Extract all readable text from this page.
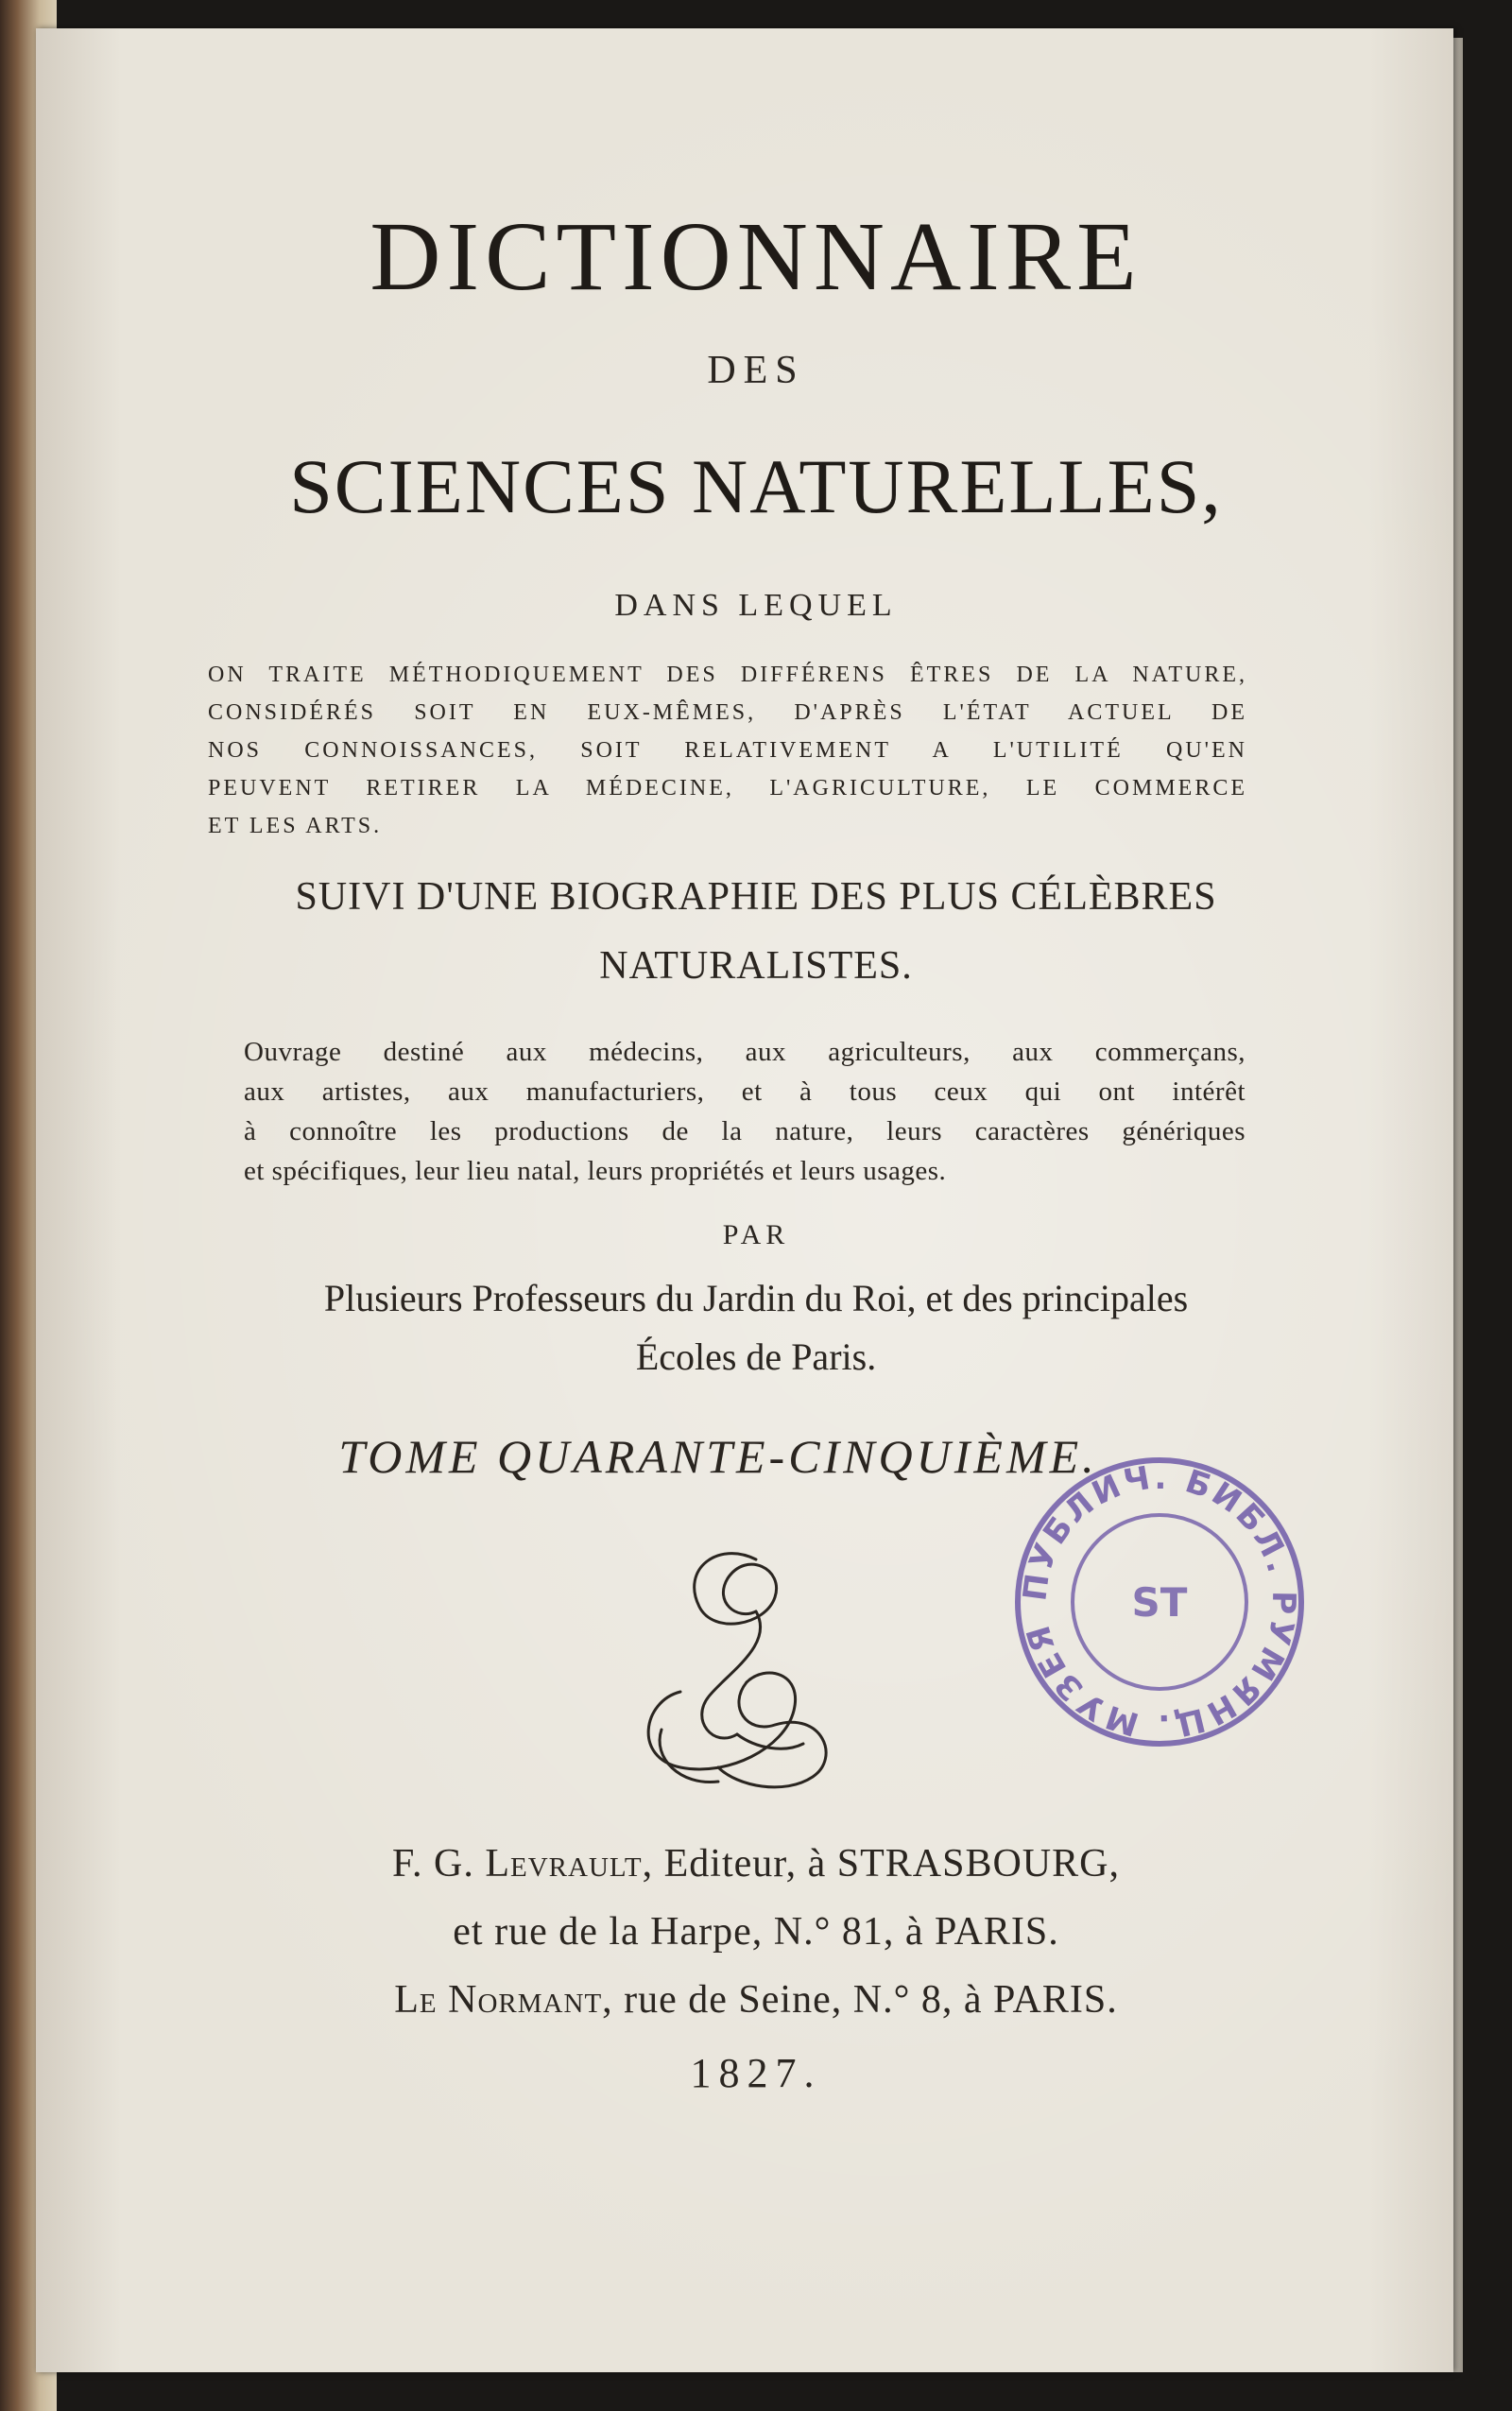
DICTIONNAIRE
DES
SCIENCES NATURELLES,
DANS LEQUEL
ON TRAITE MÉTHODIQUEMENT DES DIFFÉRENS ÊTRES DE LA NATURE,
CONSIDÉRÉS SOIT EN EUX-MÊMES, D'APRÈS L'ÉTAT ACTUEL DE
NOS CONNOISSANCES, SOIT RELATIVEMENT A L'UTILITÉ QU'EN
PEUVENT RETIRER LA MÉDECINE, L'AGRICULTURE, LE COMMERCE
ET LES ARTS.
SUIVI D'UNE BIOGRAPHIE DES PLUS CÉLÈBRES
NATURALISTES.
Ouvrage destiné aux médecins, aux agriculteurs, aux commerçans,
aux artistes, aux manufacturiers, et à tous ceux qui ont intérêt
à connoître les productions de la nature, leurs caractères génériques
et spécifiques, leur lieu natal, leurs propriétés et leurs usages.
PAR
Plusieurs Professeurs du Jardin du Roi, et des principales
Écoles de Paris.
TOME QUARANTE-CINQUIÈME.
ПУБЛИЧ. БИБЛ. РУМЯНЦ. МУЗЕЯ
ST
F. G. Levrault, Editeur, à STRASBOURG,
et rue de la Harpe, N.° 81, à PARIS.
Le Normant, rue de Seine, N.° 8, à PARIS.
1827.
